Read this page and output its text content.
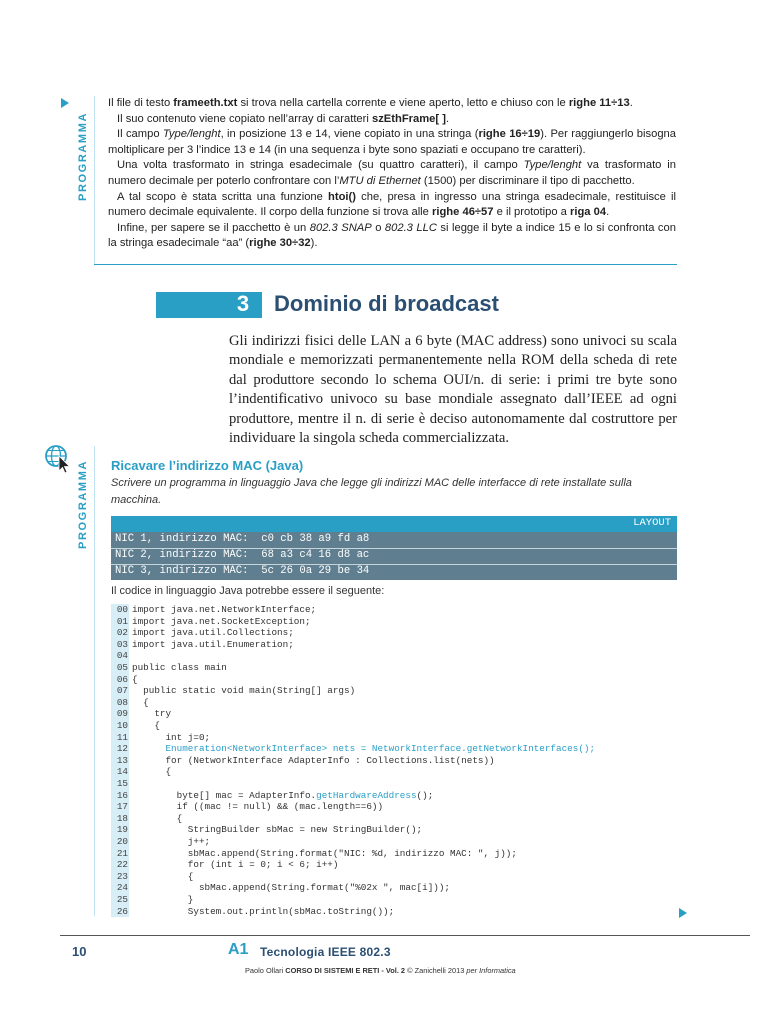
PROGRAMMA

Il file di testo frameeth.txt si trova nella cartella corrente e viene aperto, letto e chiuso con le righe 11÷13.

Il suo contenuto viene copiato nell’array di caratteri szEthFrame[ ].

Il campo Type/lenght, in posizione 13 e 14, viene copiato in una stringa (righe 16÷19). Per raggiungerlo bisogna moltiplicare per 3 l’indice 13 e 14 (in una sequenza i byte sono spaziati e occupano tre caratteri).

Una volta trasformato in stringa esadecimale (su quattro caratteri), il campo Type/lenght va trasformato in numero decimale per poterlo confrontare con l’MTU di Ethernet (1500) per discriminare il tipo di pacchetto.

A tal scopo è stata scritta una funzione htoi() che, presa in ingresso una stringa esadecimale, restituisce il numero decimale equivalente. Il corpo della funzione si trova alle righe 46÷57 e il prototipo a riga 04.

Infine, per sapere se il pacchetto è un 802.3 SNAP o 802.3 LLC si legge il byte a indice 15 e lo si confronta con la stringa esadecimale “aa” (righe 30÷32).

3	Dominio di broadcast
Gli indirizzi fisici delle LAN a 6 byte (MAC address) sono univoci su scala mondiale e memorizzati permanentemente nella ROM della scheda di rete dal produttore secondo lo schema OUI/n. di serie: i primi tre byte sono l’indentificativo univoco su base mondiale assegnato dall’IEEE ad ogni produttore, mentre il n. di serie è deciso autonomamente dal costruttore per individuare la singola scheda commercializzata.
PROGRAMMA Ricavare l’indirizzo MAC (Java)
Scrivere un programma in linguaggio Java che legge gli indirizzi MAC delle interfacce di rete installate sulla macchina.
LAYOUT
NIC 1, indirizzo MAC:  c0 cb 38 a9 fd a8
NIC 2, indirizzo MAC:  68 a3 c4 16 d8 ac
NIC 3, indirizzo MAC:  5c 26 0a 29 be 34
Il codice in linguaggio Java potrebbe essere il seguente:
00 import java.net.NetworkInterface;
01 import java.net.SocketException;
02 import java.util.Collections;
03 import java.util.Enumeration;
04
05 public class main
06 {
07 public static void main(String[] args)
08 {
09 try
10 {
11 int j=0;
12 Enumeration<NetworkInterface> nets = NetworkInterface.getNetworkInterfaces();
13 for (NetworkInterface AdapterInfo : Collections.list(nets))
14 {
15
16 byte[] mac = AdapterInfo.getHardwareAddress();
17 if ((mac != null) && (mac.length==6))
18 {
19 StringBuilder sbMac = new StringBuilder();
20 j++;
21 sbMac.append(String.format("NIC: %d, indirizzo MAC: ", j));
22 for (int i = 0; i < 6; i++)
23 {
24 sbMac.append(String.format("%02x ", mac[i]));
25 }
26 System.out.println(sbMac.toString());
10	A1 Tecnologia IEEE 802.3
Paolo Ollari CORSO DI SISTEMI E RETI - Vol. 2 © Zanichelli 2013 per Informatica
